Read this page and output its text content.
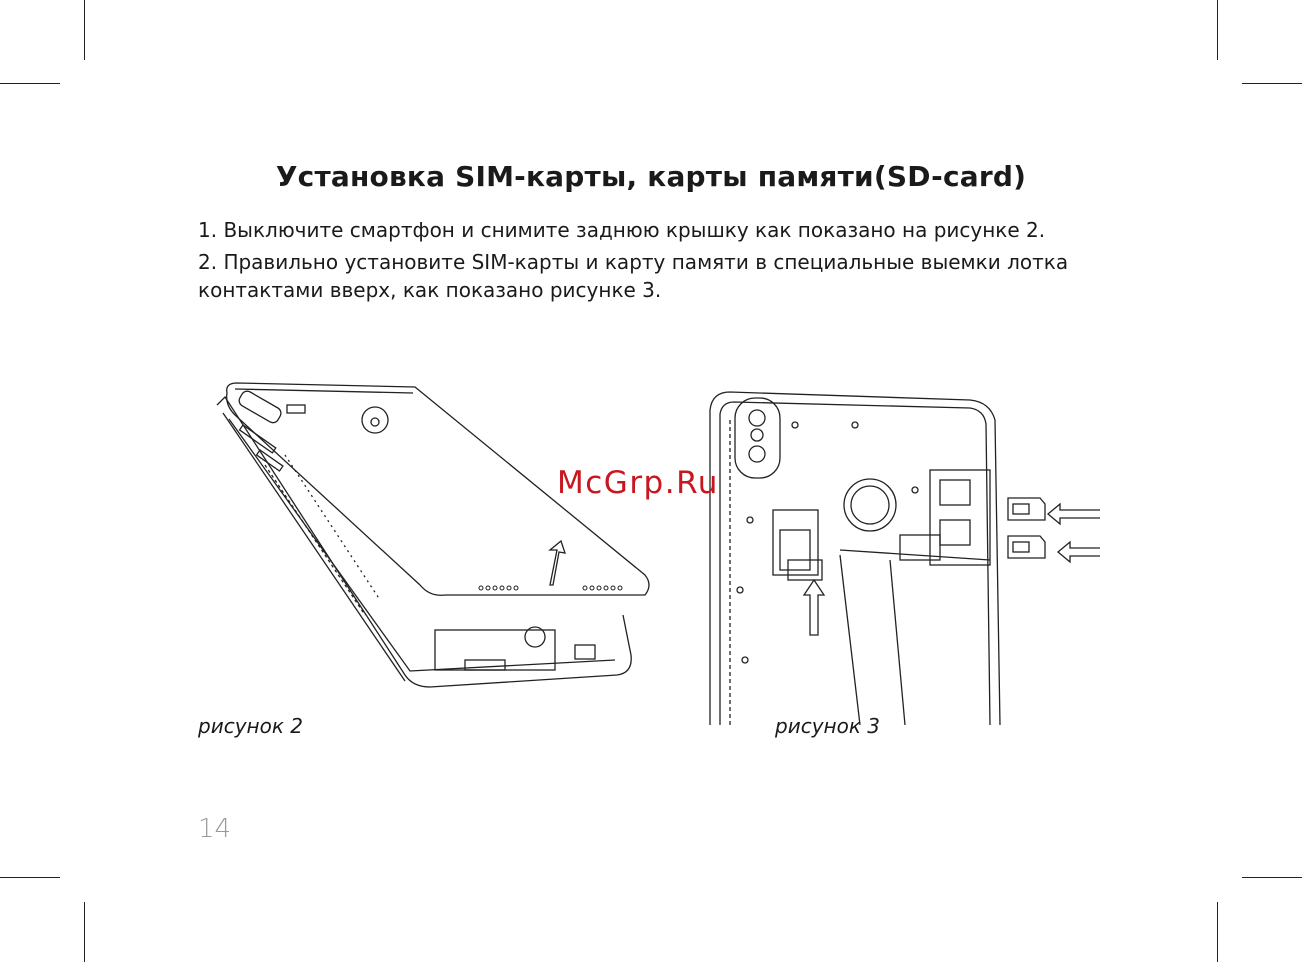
Установка SIM-карты, карты памяти(SD-card)
1. Выключите смартфон и снимите заднюю крышку как показано на рисунке 2.
2. Правильно установите SIM-карты и карту памяти в специальные выемки лотка контактами вверх, как показано рисунке 3.
McGrp.Ru
рисунок 2	рисунок 3
14
